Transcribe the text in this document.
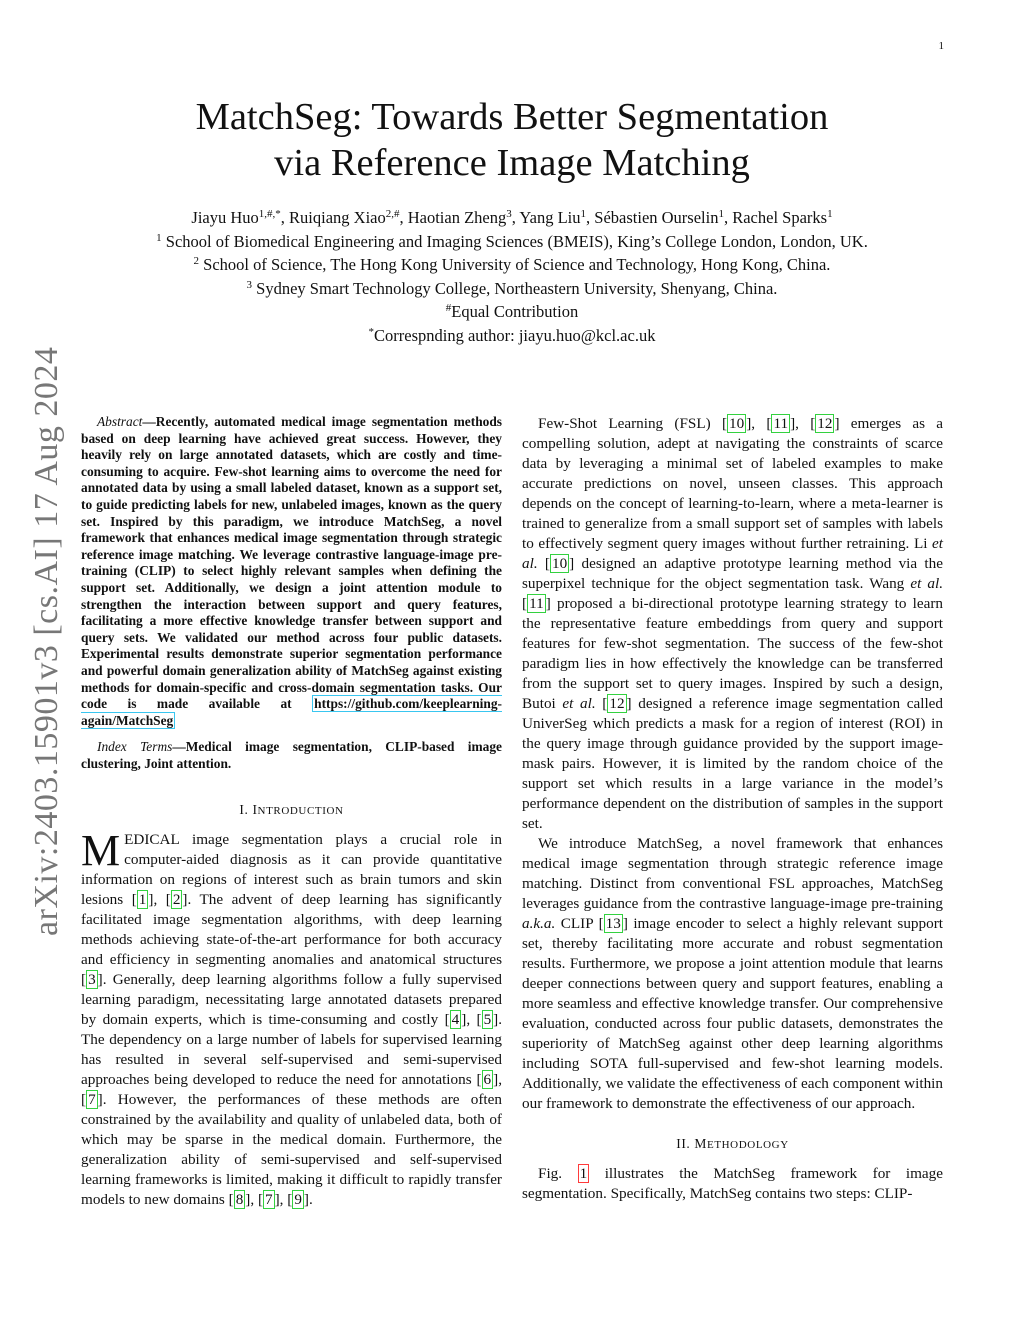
1
arXiv:2403.15901v3 [cs.AI] 17 Aug 2024
MatchSeg: Towards Better Segmentation
via Reference Image Matching
Jiayu Huo$^{1,\#,*}$, Ruiqiang Xiao$^{2,\#}$, Haotian Zheng$^3$, Yang Liu$^1$, Sébastien Ourselin$^1$, Rachel Sparks$^1$
$^1$ School of Biomedical Engineering and Imaging Sciences (BMEIS), King’s College London, London, UK.
$^2$ School of Science, The Hong Kong University of Science and Technology, Hong Kong, China.
$^3$ Sydney Smart Technology College, Northeastern University, Shenyang, China.
#Equal Contribution
*Correspnding author: jiayu.huo@kcl.ac.uk

Abstract—Recently, automated medical image segmentation methods based on deep learning have achieved great success. However, they heavily rely on large annotated datasets, which are costly and time-consuming to acquire. Few-shot learning aims to overcome the need for annotated data by using a small labeled dataset, known as a support set, to guide predicting labels for new, unlabeled images, known as the query set. Inspired by this paradigm, we introduce MatchSeg, a novel framework that enhances medical image segmentation through strategic reference image matching. We leverage contrastive language-image pre-training (CLIP) to select highly relevant samples when defining the support set. Additionally, we design a joint attention module to strengthen the interaction between support and query features, facilitating a more effective knowledge transfer between support and query sets. We validated our method across four public datasets. Experimental results demonstrate superior segmentation performance and powerful domain generalization ability of MatchSeg against existing methods for domain-specific and cross-domain segmentation tasks. Our code is made available at https://github.com/keeplearning-again/MatchSeg

Index Terms—Medical image segmentation, CLIP-based image clustering, Joint attention.

I. INTRODUCTION

MEDICAL image segmentation plays a crucial role in computer-aided diagnosis as it can provide quantitative information on regions of interest such as brain tumors and skin lesions [ 1 ], [ 2 ]. The advent of deep learning has significantly facilitated image segmentation algorithms, with deep learning methods achieving state-of-the-art performance for both accuracy and efficiency in segmenting anomalies and anatomical structures [ 3 ]. Generally, deep learning algorithms follow a fully supervised learning paradigm, necessitating large annotated datasets prepared by domain experts, which is time-consuming and costly [ 4 ], [ 5 ]. The dependency on a large number of labels for supervised learning has resulted in several self-supervised and semi-supervised approaches being developed to reduce the need for annotations [ 6 ], [ 7 ]. However, the performances of these methods are often constrained by the availability and quality of unlabeled data, both of which may be sparse in the medical domain. Furthermore, the generalization ability of semi-supervised and self-supervised learning frameworks is limited, making it difficult to rapidly transfer models to new domains [ 8 ], [ 7 ], [ 9 ].

Few-Shot Learning (FSL) [ 10 ], [ 11 ], [ 12 ] emerges as a compelling solution, adept at navigating the constraints of scarce data by leveraging a minimal set of labeled examples to make accurate predictions on novel, unseen classes. This approach depends on the concept of learning-to-learn, where a meta-learner is trained to generalize from a small support set of samples with labels to effectively segment query images without further retraining. Li et al. [ 10 ] designed an adaptive prototype learning method via the superpixel technique for the object segmentation task. Wang et al. [ 11 ] proposed a bi-directional prototype learning strategy to learn the representative feature embeddings from query and support features for few-shot segmentation. The success of the few-shot paradigm lies in how effectively the knowledge can be transferred from the support set to query images. Inspired by such a design, Butoi et al. [ 12 ] designed a reference image segmentation called UniverSeg which predicts a mask for a region of interest (ROI) in the query image through guidance provided by the support image-mask pairs. However, it is limited by the random choice of the support set which results in a large variance in the model’s performance dependent on the distribution of samples in the support set.

We introduce MatchSeg, a novel framework that enhances medical image segmentation through strategic reference image matching. Distinct from conventional FSL approaches, MatchSeg leverages guidance from the contrastive language-image pre-training a.k.a. CLIP [ 13 ] image encoder to select a highly relevant support set, thereby facilitating more accurate and robust segmentation results. Furthermore, we propose a joint attention module that learns deeper connections between query and support features, enabling a more seamless and effective knowledge transfer. Our comprehensive evaluation, conducted across four public datasets, demonstrates the superiority of MatchSeg against other deep learning algorithms including SOTA full-supervised and few-shot learning models. Additionally, we validate the effectiveness of each component within our framework to demonstrate the effectiveness of our approach.

II. METHODOLOGY

Fig. 1 illustrates the MatchSeg framework for image segmentation. Specifically, MatchSeg contains two steps: CLIP-
